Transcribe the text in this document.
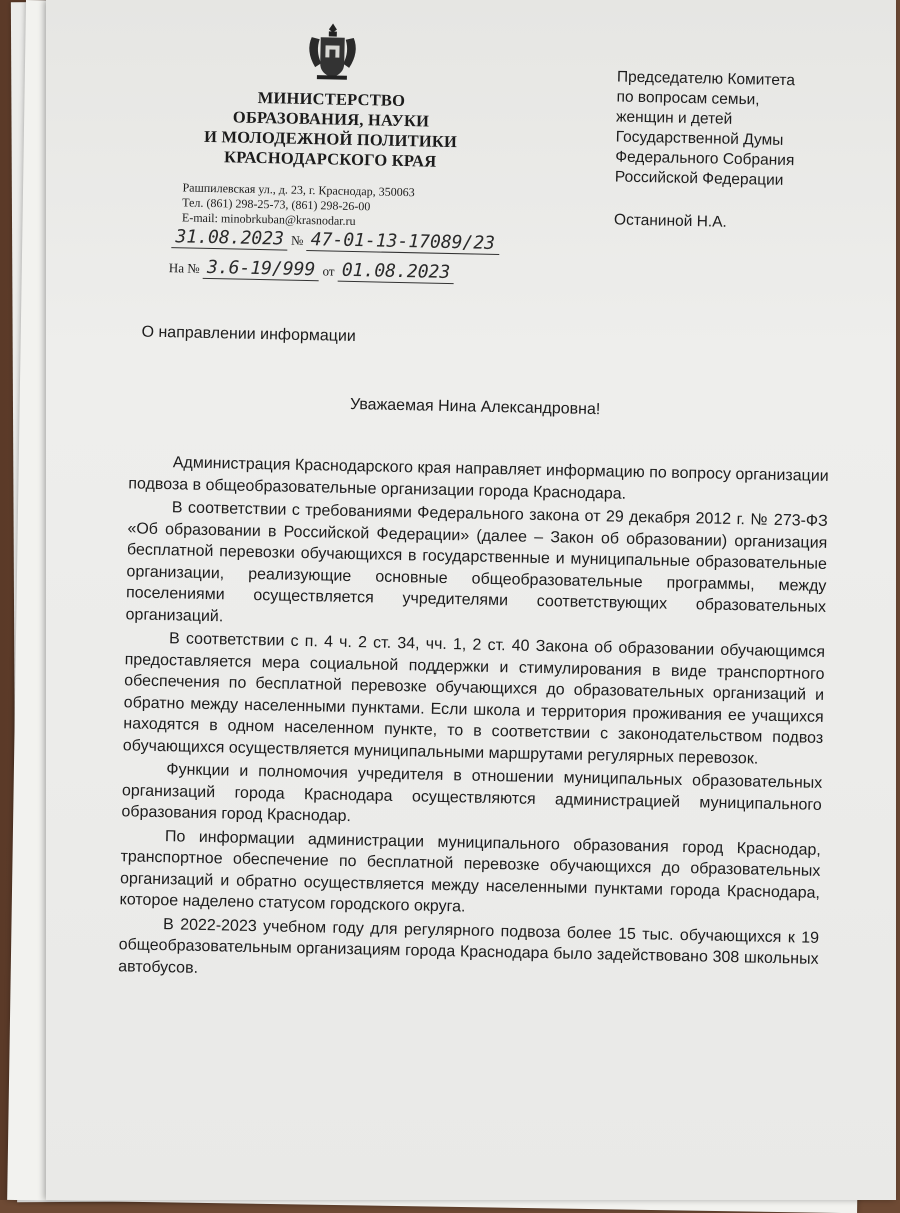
МИНИСТЕРСТВО
ОБРАЗОВАНИЯ, НАУКИ
И МОЛОДЕЖНОЙ ПОЛИТИКИ
КРАСНОДАРСКОГО КРАЯ
Рашпилевская ул., д. 23, г. Краснодар, 350063
Тел. (861) 298-25-73, (861) 298-26-00
E-mail: minobrkuban@krasnodar.ru
31.08.2023 № 47-01-13-17089/23
На № 3.6-19/999 от 01.08.2023
Председателю Комитета
по вопросам семьи,
женщин и детей
Государственной Думы
Федерального Собрания
Российской Федерации
Останиной Н.А.
О направлении информации
Уважаемая Нина Александровна!

Администрация Краснодарского края направляет информацию по вопросу организации подвоза в общеобразовательные организации города Краснодара.

В соответствии с требованиями Федерального закона от 29 декабря 2012 г. № 273-ФЗ «Об образовании в Российской Федерации» (далее – Закон об образовании) организация бесплатной перевозки обучающихся в государственные и муниципальные образовательные организации, реализующие основные общеобразовательные программы, между поселениями осуществляется учредителями соответствующих образовательных организаций.

В соответствии с п. 4 ч. 2 ст. 34, чч. 1, 2 ст. 40 Закона об образовании обучающимся предоставляется мера социальной поддержки и стимулирования в виде транспортного обеспечения по бесплатной перевозке обучающихся до образовательных организаций и обратно между населенными пунктами. Если школа и территория проживания ее учащихся находятся в одном населенном пункте, то в соответствии с законодательством подвоз обучающихся осуществляется муниципальными маршрутами регулярных перевозок.

Функции и полномочия учредителя в отношении муниципальных образовательных организаций города Краснодара осуществляются администрацией муниципального образования город Краснодар.

По информации администрации муниципального образования город Краснодар, транспортное обеспечение по бесплатной перевозке обучающихся до образовательных организаций и обратно осуществляется между населенными пунктами города Краснодара, которое наделено статусом городского округа.

В 2022-2023 учебном году для регулярного подвоза более 15 тыс. обучающихся к 19 общеобразовательным организациям города Краснодара было задействовано 308 школьных автобусов.
